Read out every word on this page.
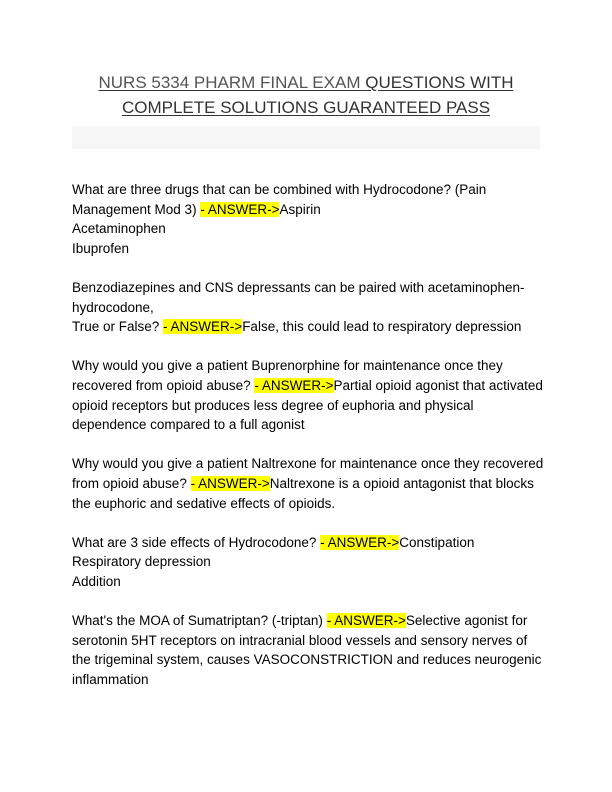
NURS 5334 PHARM FINAL EXAM QUESTIONS WITH COMPLETE SOLUTIONS GUARANTEED PASS
What are three drugs that can be combined with Hydrocodone? (Pain Management Mod 3) - ANSWER->Aspirin
Acetaminophen
Ibuprofen
Benzodiazepines and CNS depressants can be paired with acetaminophen-hydrocodone,
True or False? - ANSWER->False, this could lead to respiratory depression
Why would you give a patient Buprenorphine for maintenance once they recovered from opioid abuse? - ANSWER->Partial opioid agonist that activated opioid receptors but produces less degree of euphoria and physical dependence compared to a full agonist
Why would you give a patient Naltrexone for maintenance once they recovered from opioid abuse? - ANSWER->Naltrexone is a opioid antagonist that blocks the euphoric and sedative effects of opioids.
What are 3 side effects of Hydrocodone? - ANSWER->Constipation
Respiratory depression
Addition
What's the MOA of Sumatriptan? (-triptan) - ANSWER->Selective agonist for serotonin 5HT receptors on intracranial blood vessels and sensory nerves of the trigeminal system, causes VASOCONSTRICTION and reduces neurogenic inflammation
